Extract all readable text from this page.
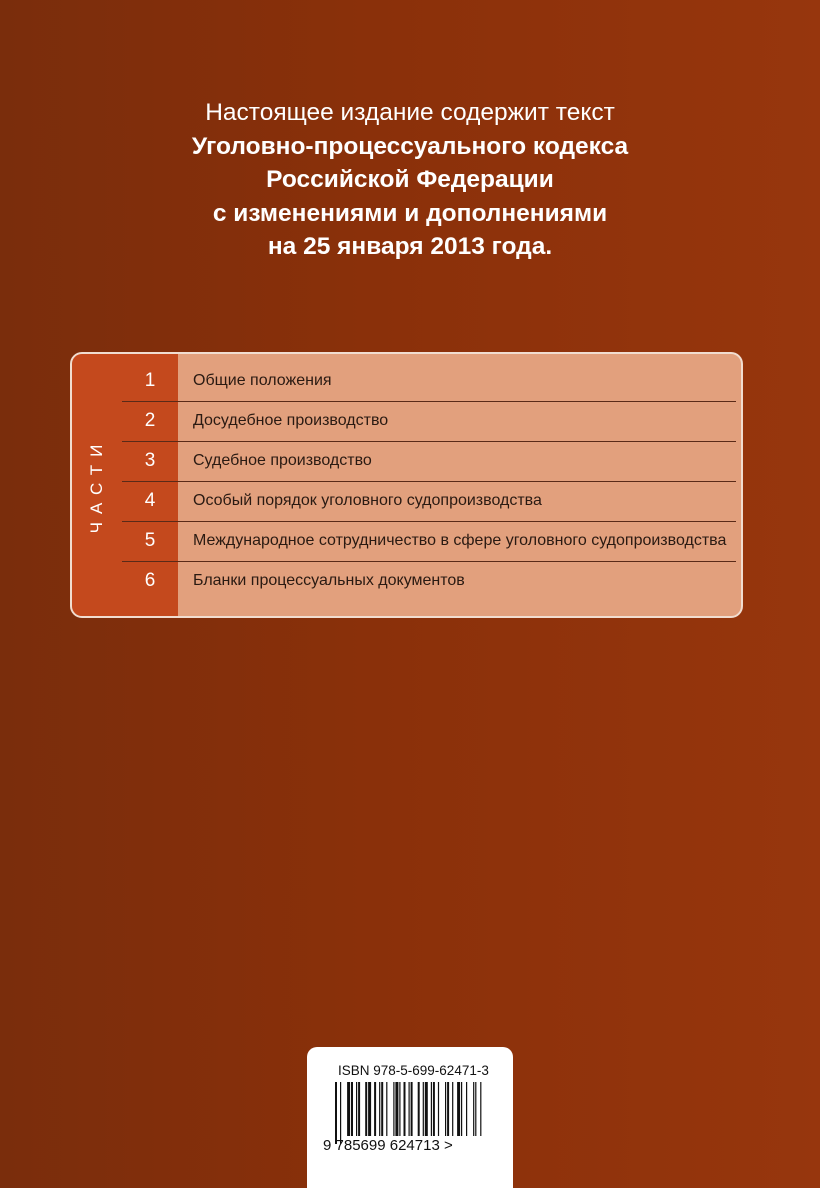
Настоящее издание содержит текст
Уголовно-процессуального кодекса
Российской Федерации
с изменениями и дополнениями
на 25 января 2013 года.
ЧАСТИ
1	Общие положения
2	Досудебное производство
3	Судебное производство
4	Особый порядок уголовного судопроизводства
5	Международное сотрудничество в сфере уголовного судопроизводства
6	Бланки процессуальных документов
ISBN 978-5-699-62471-3
9 785699 624713 >
